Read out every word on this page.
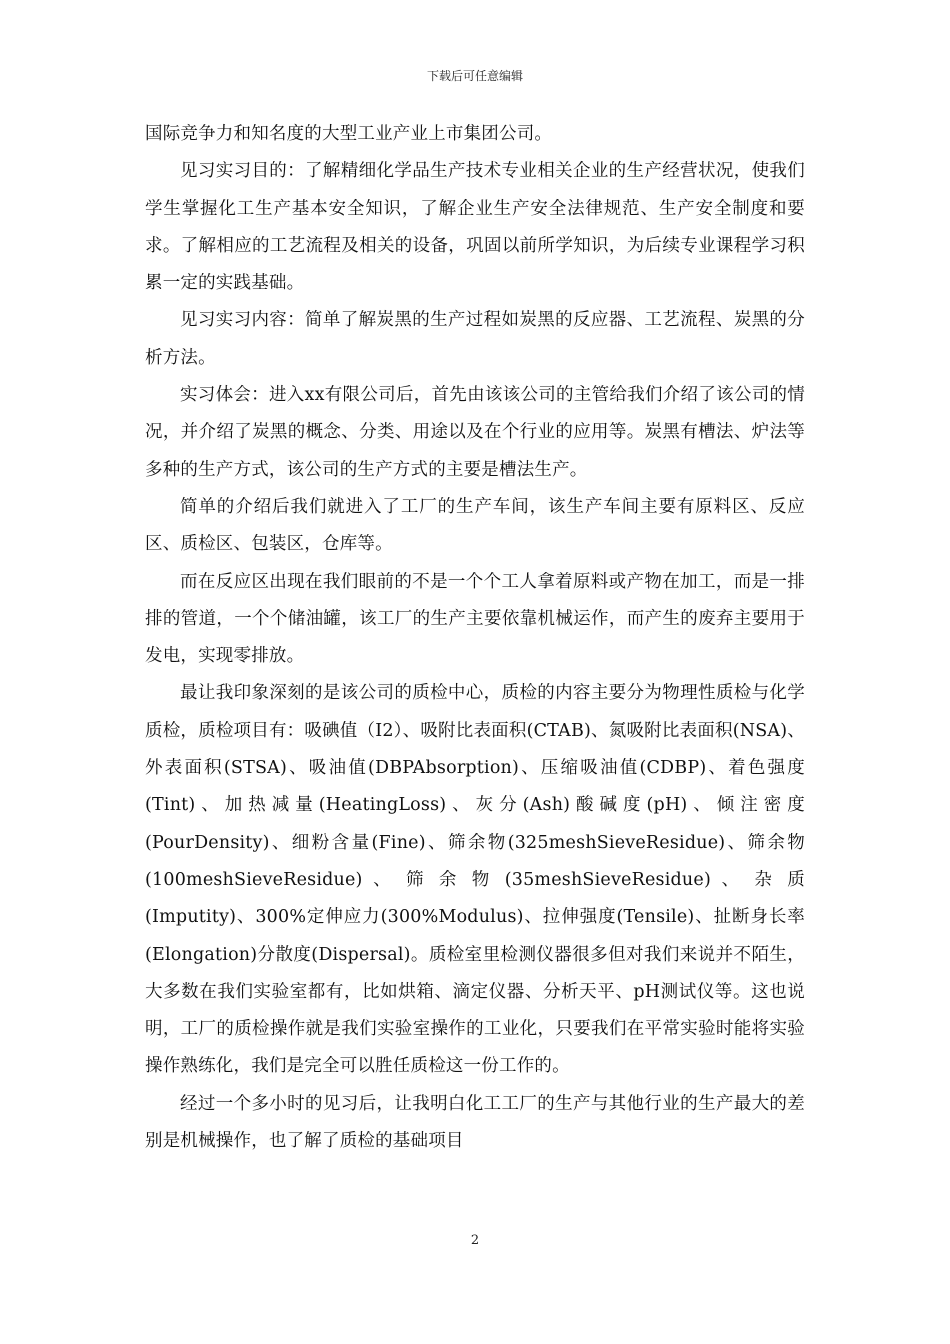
下载后可任意编辑

国际竞争力和知名度的大型工业产业上市集团公司。

见习实习目的：了解精细化学品生产技术专业相关企业的生产经营状况，使我们学生掌握化工生产基本安全知识，了解企业生产安全法律规范、生产安全制度和要求。了解相应的工艺流程及相关的设备，巩固以前所学知识，为后续专业课程学习积累一定的实践基础。

见习实习内容：简单了解炭黑的生产过程如炭黑的反应器、工艺流程、炭黑的分析方法。

实习体会：进入xx有限公司后，首先由该该公司的主管给我们介绍了该公司的情况，并介绍了炭黑的概念、分类、用途以及在个行业的应用等。炭黑有槽法、炉法等多种的生产方式，该公司的生产方式的主要是槽法生产。

简单的介绍后我们就进入了工厂的生产车间，该生产车间主要有原料区、反应区、质检区、包装区，仓库等。

而在反应区出现在我们眼前的不是一个个工人拿着原料或产物在加工，而是一排排的管道，一个个储油罐，该工厂的生产主要依靠机械运作，而产生的废弃主要用于发电，实现零排放。

最让我印象深刻的是该公司的质检中心，质检的内容主要分为物理性质检与化学质检，质检项目有：吸碘值（I2）、吸附比表面积(CTAB)、氮吸附比表面积(NSA)、外表面积(STSA)、吸油值(DBPAbsorption)、压缩吸油值(CDBP)、着色强度(Tint)、加热减量(HeatingLoss)、灰分(Ash)酸碱度(pH)、倾注密度(PourDensity)、细粉含量(Fine)、筛余物(325meshSieveResidue)、筛余物(100meshSieveResidue) 、 筛 余 物 (35meshSieveResidue) 、 杂 质(Imputity)、300%定伸应力(300%Modulus)、拉伸强度(Tensile)、扯断身长率(Elongation)分散度(Dispersal)。质检室里检测仪器很多但对我们来说并不陌生，大多数在我们实验室都有，比如烘箱、滴定仪器、分析天平、pH测试仪等。这也说明，工厂的质检操作就是我们实验室操作的工业化，只要我们在平常实验时能将实验操作熟练化，我们是完全可以胜任质检这一份工作的。

经过一个多小时的见习后，让我明白化工工厂的生产与其他行业的生产最大的差别是机械操作，也了解了质检的基础项目

2
